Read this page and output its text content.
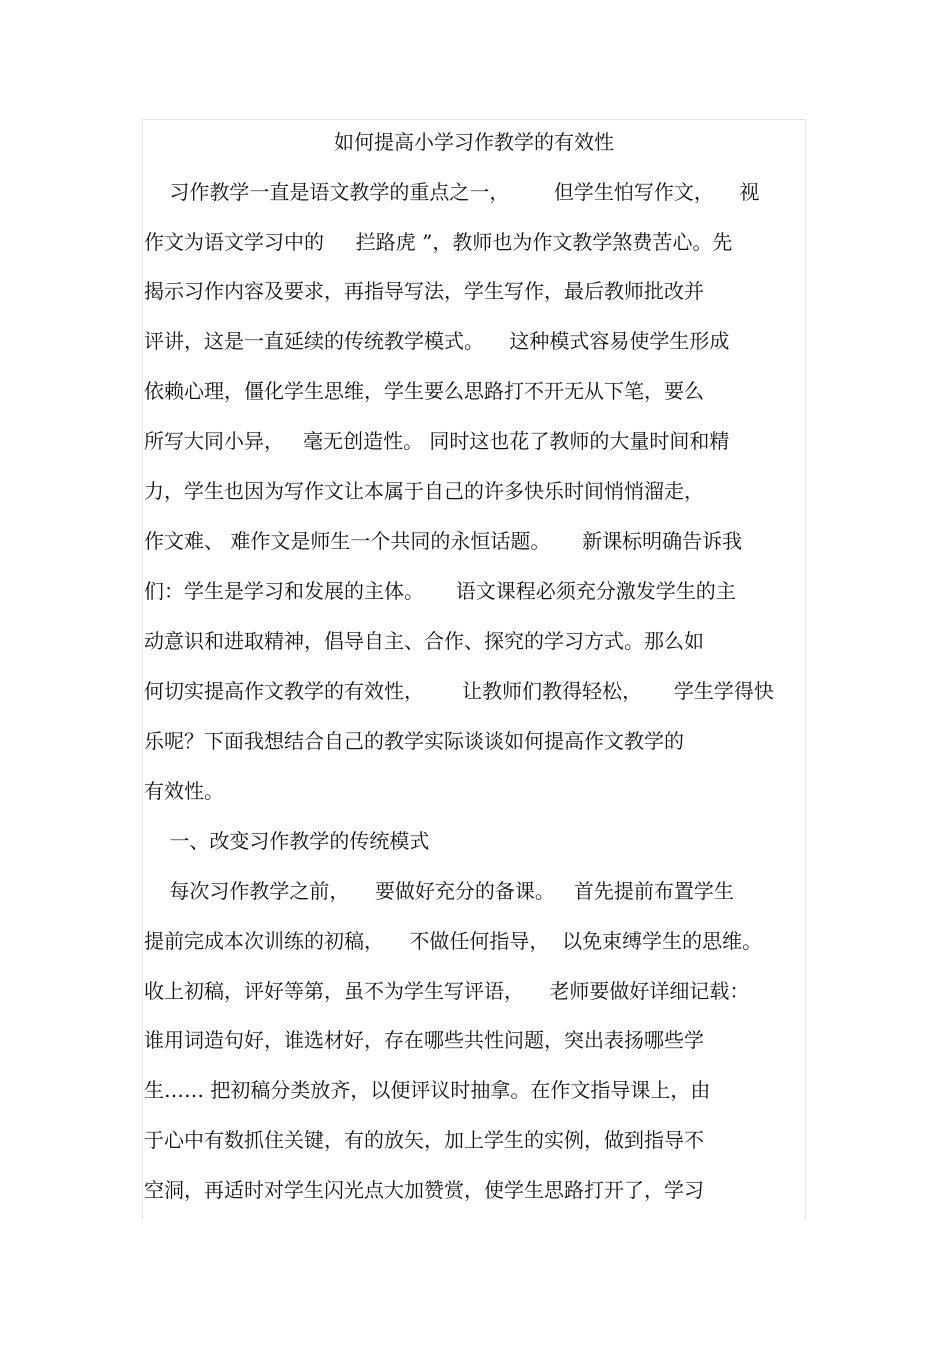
如何提高小学习作教学的有效性

习作教学一直是语文教学的重点之一，       但学生怕写作文，    视

作文为语文学习中的     拦路虎 ”，教师也为作文教学煞费苦心。先

揭示习作内容及要求，再指导写法，学生写作，最后教师批改并

评讲，这是一直延续的传统教学模式。    这种模式容易使学生形成

依赖心理，僵化学生思维，学生要么思路打不开无从下笔，要么

所写大同小异，   毫无创造性。 同时这也花了教师的大量时间和精

力，学生也因为写作文让本属于自己的许多快乐时间悄悄溜走，

作文难、 难作文是师生一个共同的永恒话题。     新课标明确告诉我

们：学生是学习和发展的主体。     语文课程必须充分激发学生的主

动意识和进取精神，倡导自主、合作、探究的学习方式。那么如

何切实提高作文教学的有效性，      让教师们教得轻松，     学生学得快

乐呢？下面我想结合自己的教学实际谈谈如何提高作文教学的

有效性。

一、改变习作教学的传统模式

每次习作教学之前，    要做好充分的备课。   首先提前布置学生

提前完成本次训练的初稿，    不做任何指导，  以免束缚学生的思维。

收上初稿，评好等第，虽不为学生写评语，    老师要做好详细记载：

谁用词造句好，谁选材好，存在哪些共性问题，突出表扬哪些学

生…… 把初稿分类放齐，以便评议时抽拿。在作文指导课上，由

于心中有数抓住关键，有的放矢，加上学生的实例，做到指导不

空洞，再适时对学生闪光点大加赞赏，使学生思路打开了，学习
